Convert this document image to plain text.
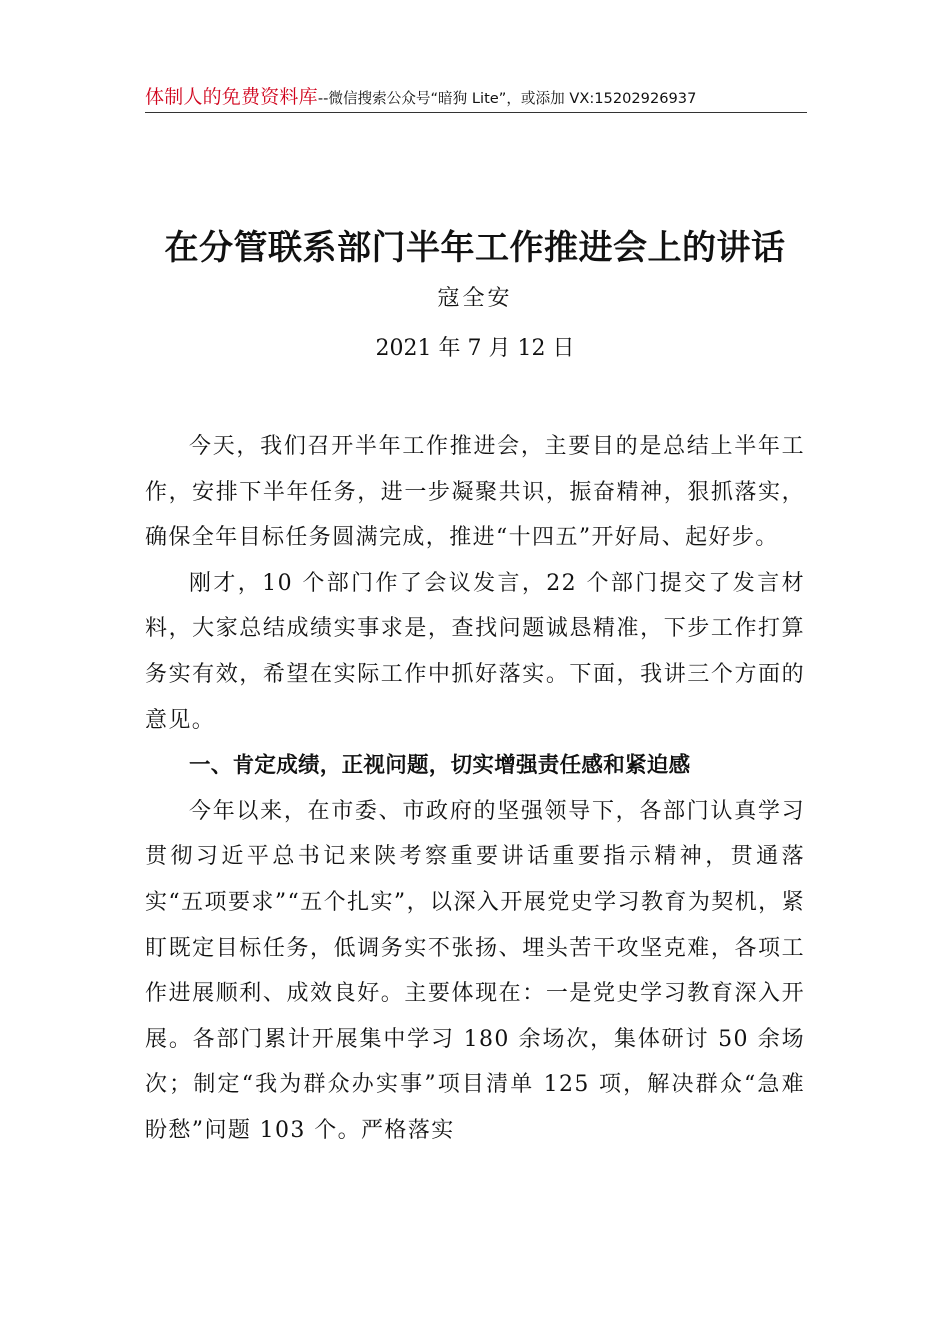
体制人的免费资料库--微信搜索公众号“暗狗 Lite”，或添加 VX:15202926937
在分管联系部门半年工作推进会上的讲话
寇全安
2021 年 7 月 12 日

今天，我们召开半年工作推进会，主要目的是总结上半年工作，安排下半年任务，进一步凝聚共识，振奋精神，狠抓落实，确保全年目标任务圆满完成，推进“十四五”开好局、起好步。

刚才，10 个部门作了会议发言，22 个部门提交了发言材料，大家总结成绩实事求是，查找问题诚恳精准，下步工作打算务实有效，希望在实际工作中抓好落实。下面，我讲三个方面的意见。

一、肯定成绩，正视问题，切实增强责任感和紧迫感

今年以来，在市委、市政府的坚强领导下，各部门认真学习贯彻习近平总书记来陕考察重要讲话重要指示精神，贯通落实“五项要求”“五个扎实”，以深入开展党史学习教育为契机，紧盯既定目标任务，低调务实不张扬、埋头苦干攻坚克难，各项工作进展顺利、成效良好。主要体现在：一是党史学习教育深入开展。各部门累计开展集中学习 180 余场次，集体研讨 50 余场次；制定“我为群众办实事”项目清单 125 项，解决群众“急难盼愁”问题 103 个。严格落实
